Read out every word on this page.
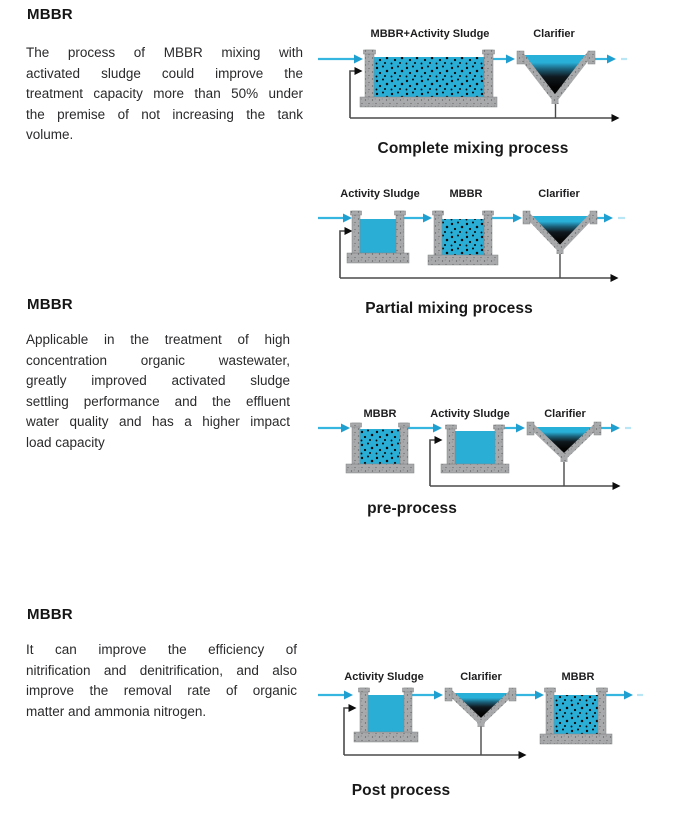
MBBR
The process of MBBR mixing with
activated sludge could improve the
treatment capacity more than 50% under
the premise of not increasing the tank
volume.
MBBR
Applicable in the treatment of high
concentration organic wastewater,
greatly improved activated sludge
settling performance and the effluent
water quality and has a higher impact
load capacity
MBBR
It can improve the efficiency of
nitrification and denitrification, and also
improve the removal rate of organic
matter and ammonia nitrogen.
MBBR+Activity Sludge	Clarifier
Complete mixing process
Activity Sludge	MBBR	Clarifier
Partial mixing process
MBBR	Activity Sludge	Clarifier
pre-process
Activity Sludge	Clarifier	MBBR
Post process
